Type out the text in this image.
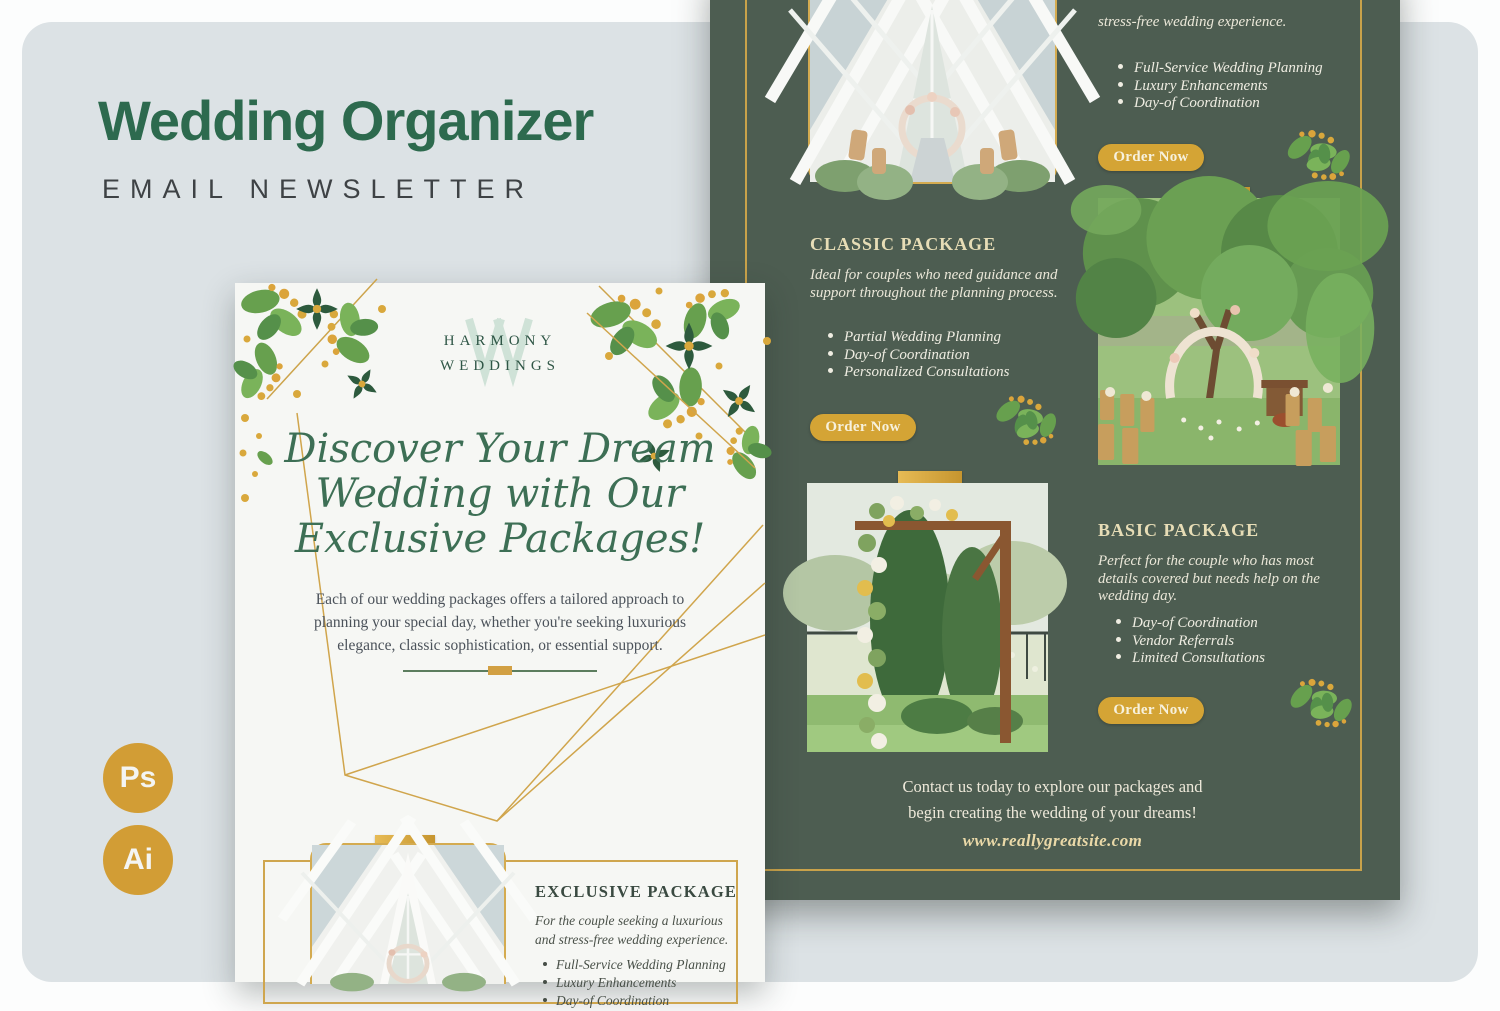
Wedding Organizer
EMAIL NEWSLETTER
Ps
Ai
stress-free wedding experience.
Full-Service Wedding Planning
Luxury Enhancements
Day-of Coordination
Order Now
CLASSIC PACKAGE
Ideal for couples who need guidance and support throughout the planning process.
Partial Wedding Planning
Day-of Coordination
Personalized Consultations
Order Now
BASIC PACKAGE
Perfect for the couple who has most details covered but needs help on the wedding day.
Day-of Coordination
Vendor Referrals
Limited Consultations
Order Now
Contact us today to explore our packages and
begin creating the wedding of your dreams!
www.reallygreatsite.com
HARMONY
WEDDINGS
Discover Your Dream
Wedding with Our
Exclusive Packages!
Each of our wedding packages offers a tailored approach to planning your special day, whether you're seeking luxurious elegance, classic sophistication, or essential support.
EXCLUSIVE PACKAGE
For the couple seeking a luxurious and stress-free wedding experience.
Full-Service Wedding Planning
Luxury Enhancements
Day-of Coordination
